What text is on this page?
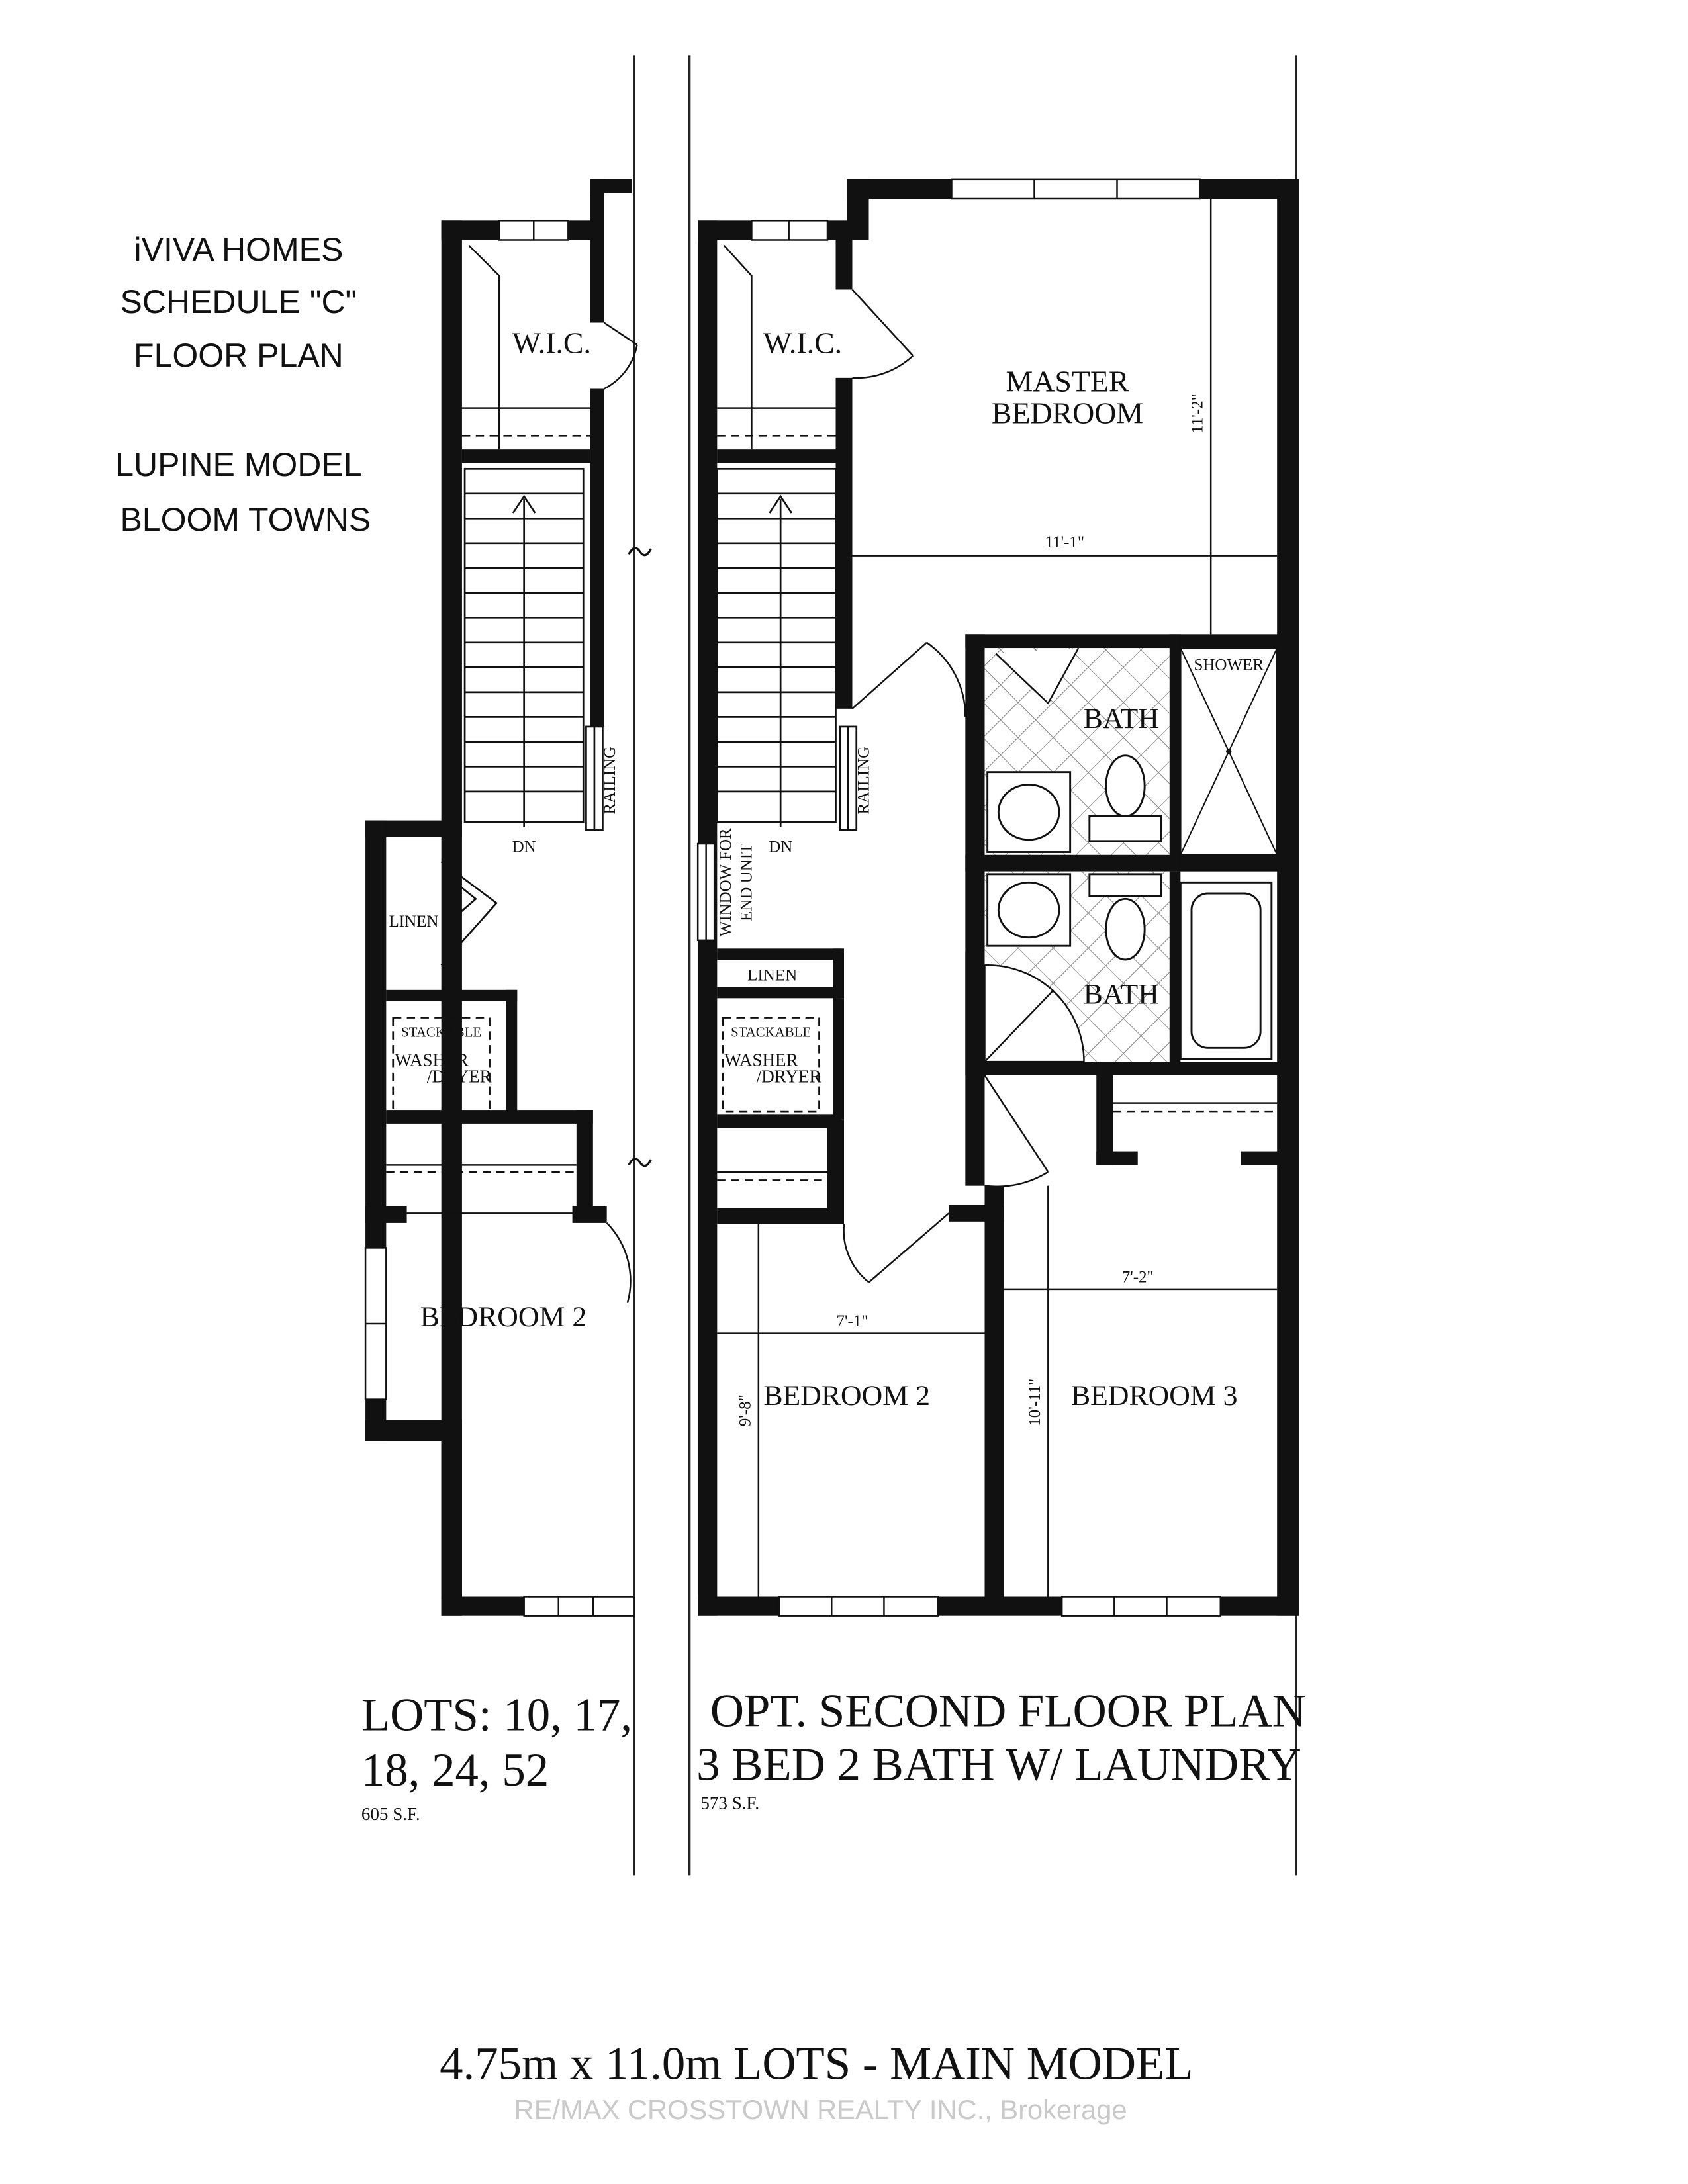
iVIVA HOMES
SCHEDULE "C"
FLOOR PLAN
LUPINE MODEL
BLOOM TOWNS
W.I.C.
DN
LINEN
STACKABLE
WASHER
/DRYER
BEDROOM 2
RAILING
LOTS: 10, 17,
18, 24, 52
605 S.F.
W.I.C.
MASTER
BEDROOM
11'-1"
11'-2"
SHOWER
BATH
BATH
DN
RAILING
WINDOW FOR END UNIT
LINEN
STACKABLE
WASHER
/DRYER
7'-1"
9'-8" BEDROOM 2
7'-2"
10'-11" BEDROOM 3
OPT. SECOND FLOOR PLAN
3 BED 2 BATH W/ LAUNDRY
573 S.F.
4.75m x 11.0m LOTS - MAIN MODEL
RE/MAX CROSSTOWN REALTY INC., Brokerage
